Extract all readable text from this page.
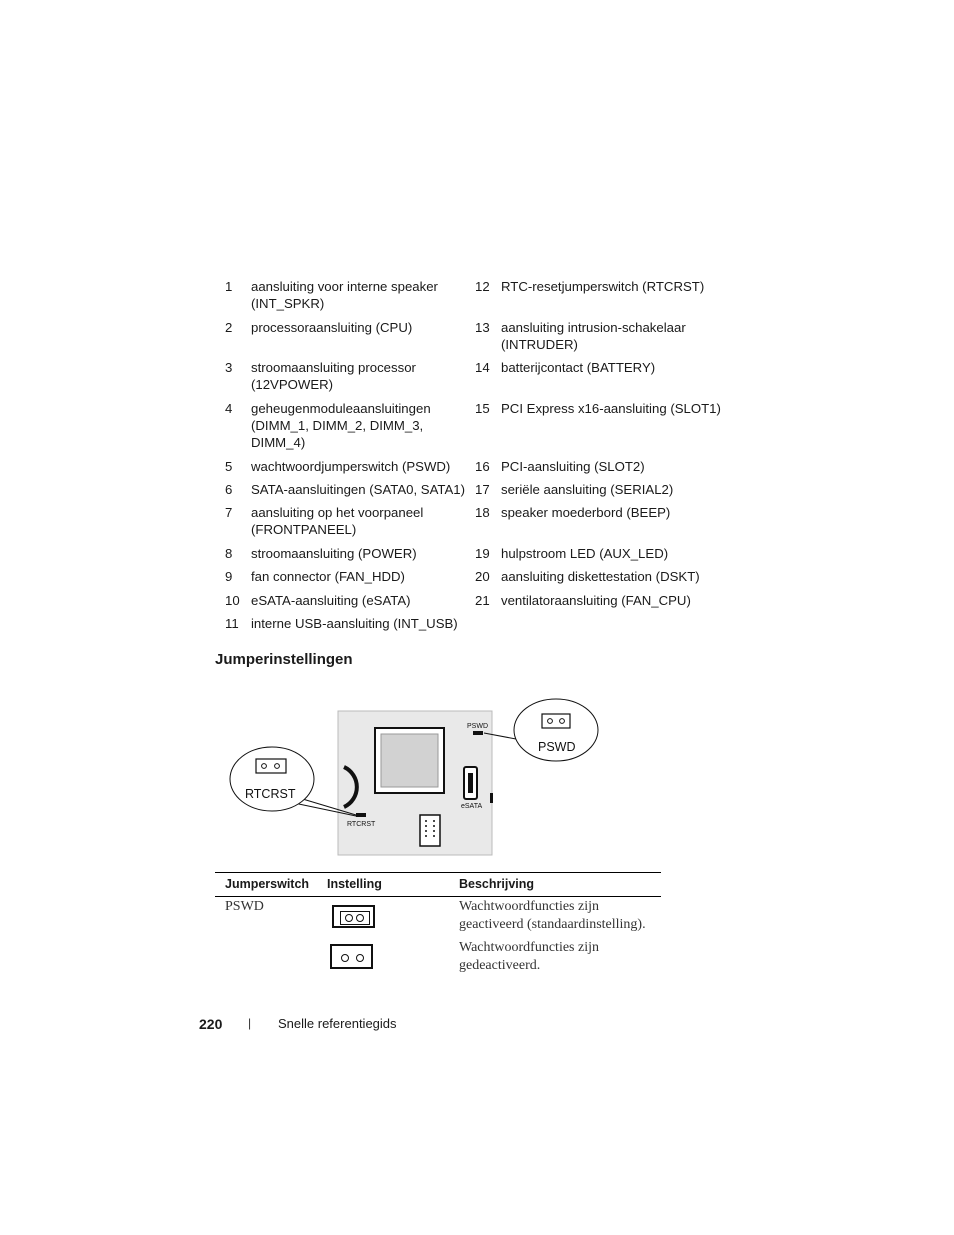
1	aansluiting voor interne speaker (INT_SPKR)
2	processoraansluiting (CPU)
3	stroomaansluiting processor (12VPOWER)
4	geheugenmoduleaansluitingen (DIMM_1, DIMM_2, DIMM_3, DIMM_4)
5	wachtwoordjumperswitch (PSWD)
6	SATA-aansluitingen (SATA0, SATA1)
7	aansluiting op het voorpaneel (FRONTPANEEL)
8	stroomaansluiting (POWER)
9	fan connector (FAN_HDD)
10 eSATA-aansluiting (eSATA)
11 interne USB-aansluiting (INT_USB)
12 RTC-resetjumperswitch (RTCRST)
13 aansluiting intrusion-schakelaar (INTRUDER)
14 batterijcontact (BATTERY)
15 PCI Express x16-aansluiting (SLOT1)
16 PCI-aansluiting (SLOT2)
17 seriële aansluiting (SERIAL2)
18 speaker moederbord (BEEP)
19 hulpstroom LED (AUX_LED)
20 aansluiting diskettestation (DSKT)
21 ventilatoraansluiting (FAN_CPU)
Jumperinstellingen
eSATA
PSWD
RTCRST
PSWD
RTCRST
Jumperswitch Instelling	Beschrijving
PSWD	Wachtwoordfuncties zijn geactiveerd (standaardinstelling).
Wachtwoordfuncties zijn gedeactiveerd.
220 | Snelle referentiegids
